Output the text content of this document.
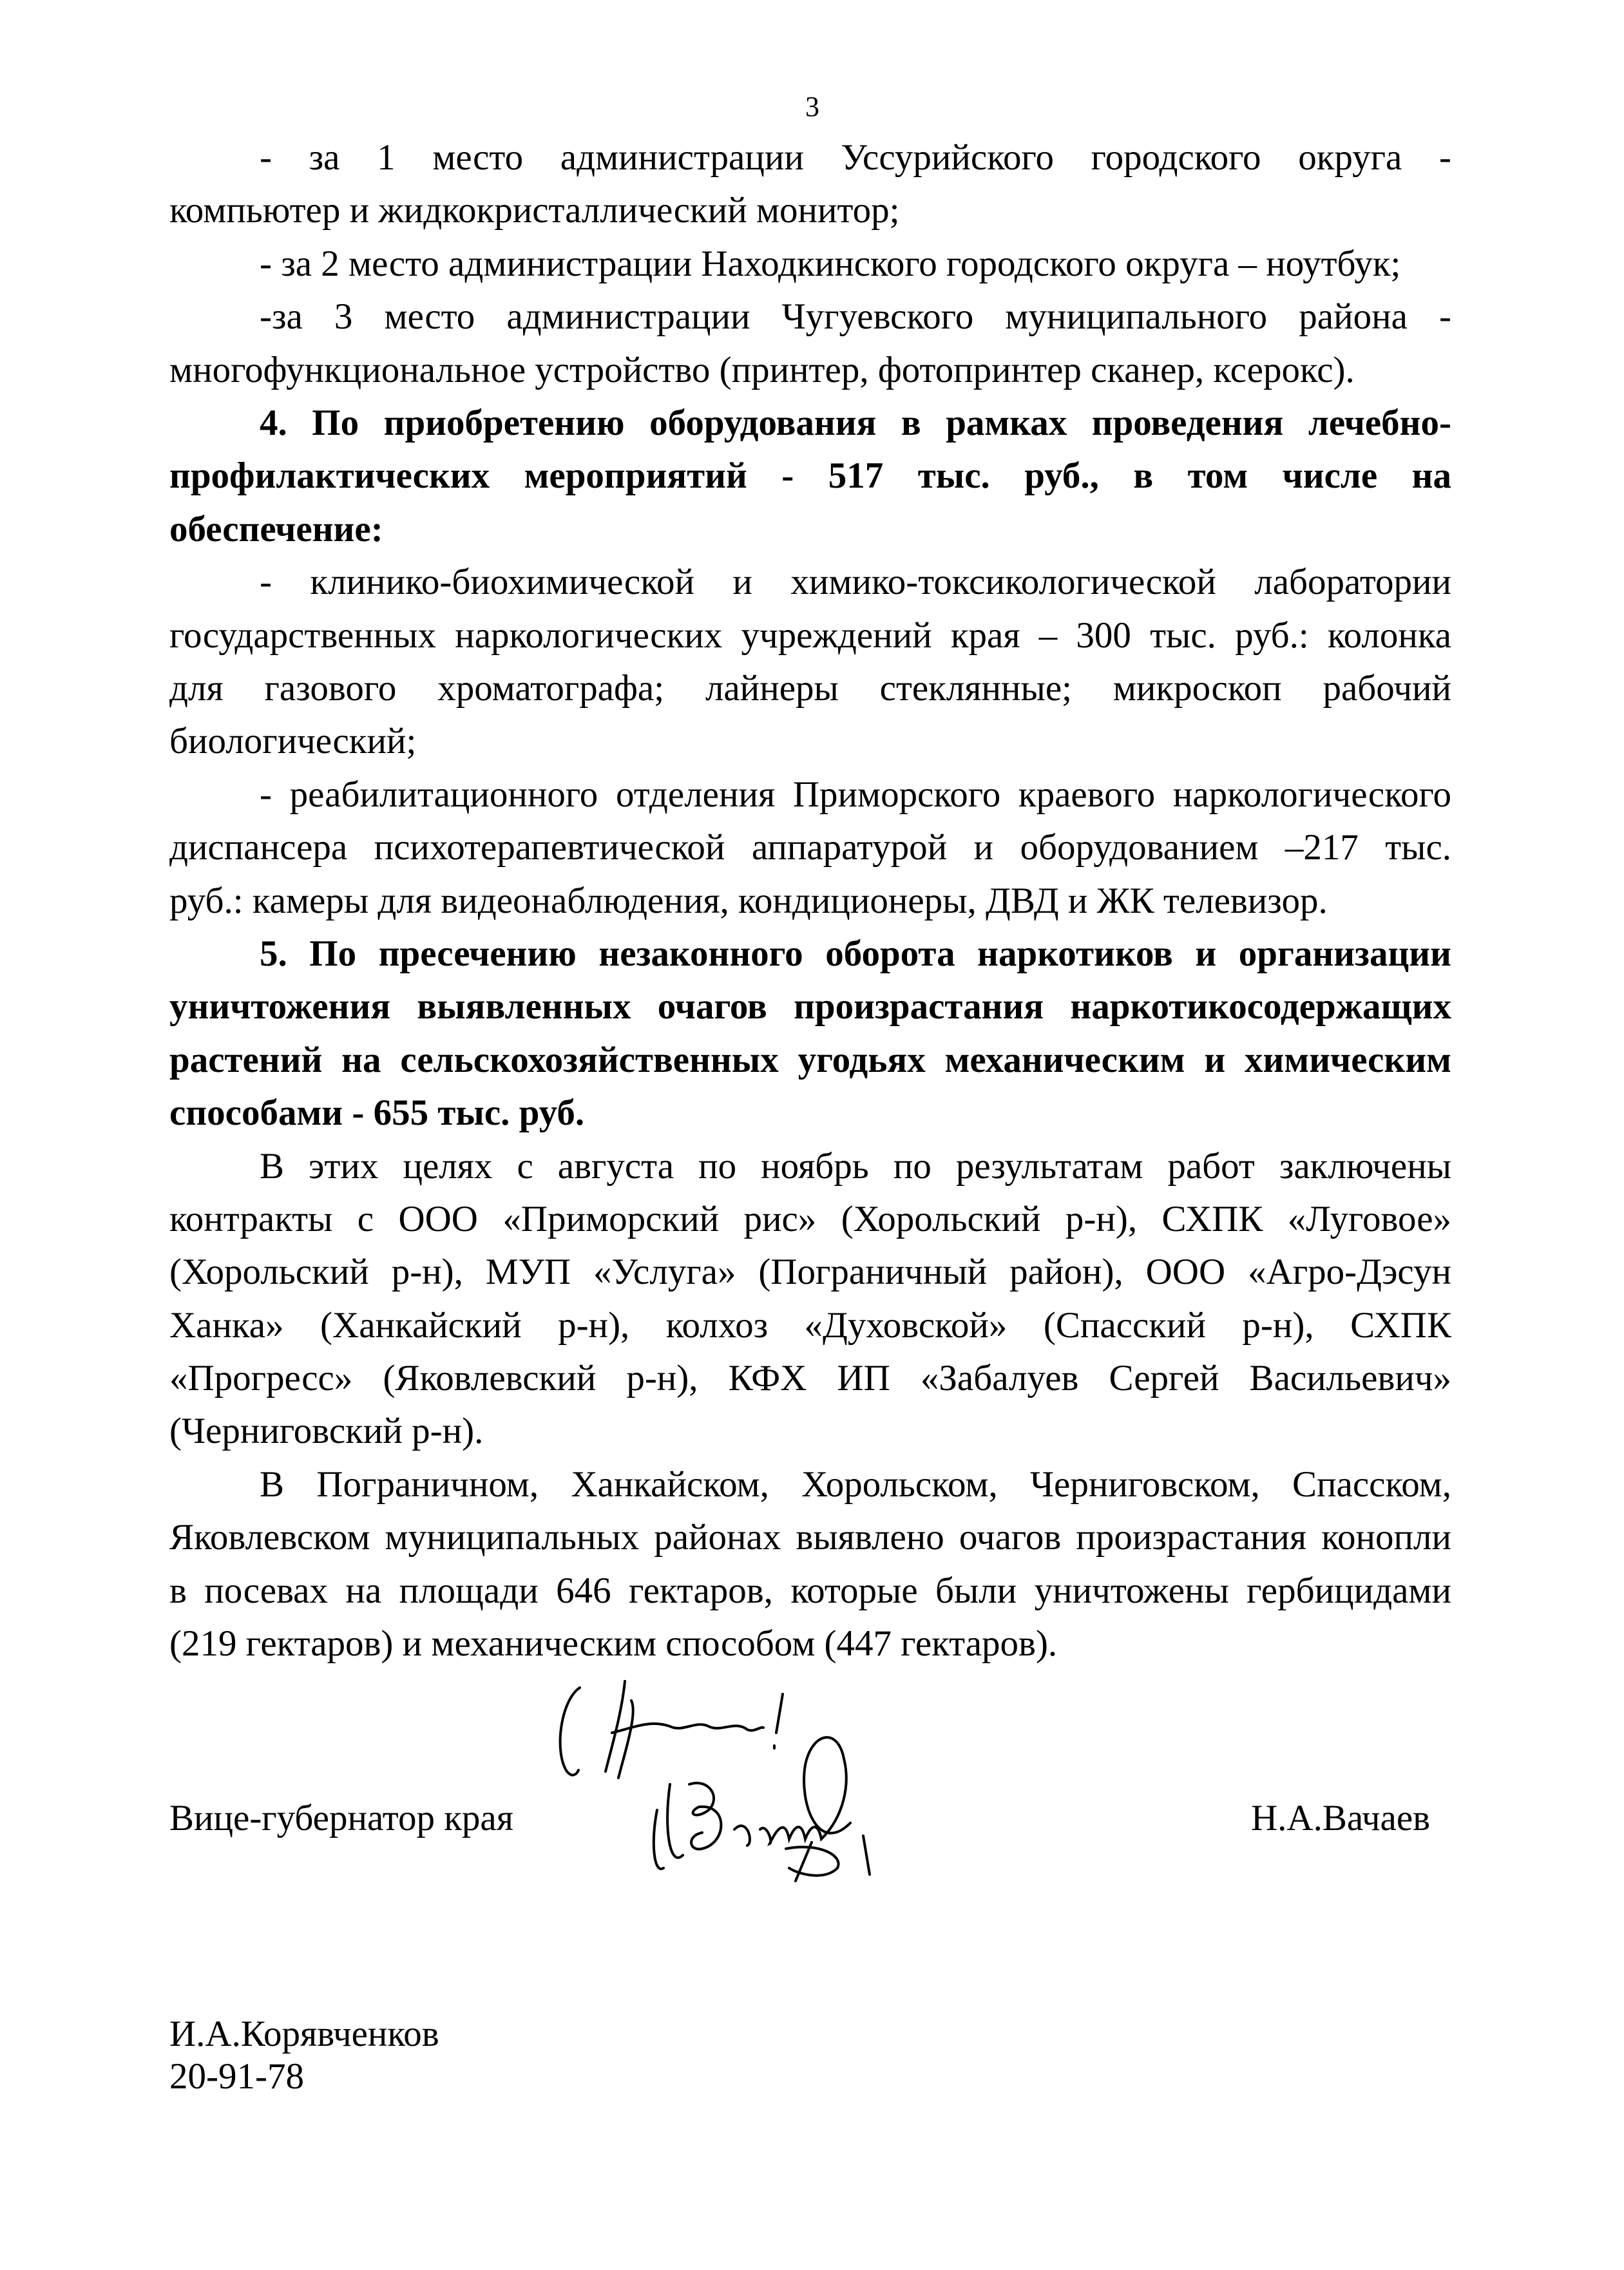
3
- за 1 место администрации Уссурийского городского округа -
компьютер и жидкокристаллический монитор;
- за 2 место администрации Находкинского городского округа – ноутбук;
-за 3 место администрации Чугуевского муниципального района -
многофункциональное устройство (принтер, фотопринтер сканер, ксерокс).
4. По приобретению оборудования в рамках проведения лечебно-
профилактических мероприятий - 517 тыс. руб., в том числе на
обеспечение:
- клинико-биохимической и химико-токсикологической лаборатории
государственных наркологических учреждений края – 300 тыс. руб.: колонка
для газового хроматографа; лайнеры стеклянные; микроскоп рабочий
биологический;
- реабилитационного отделения Приморского краевого наркологического
диспансера психотерапевтической аппаратурой и оборудованием –217 тыс.
руб.: камеры для видеонаблюдения, кондиционеры, ДВД и ЖК телевизор.
5. По пресечению незаконного оборота наркотиков и организации
уничтожения выявленных очагов произрастания наркотикосодержащих
растений на сельскохозяйственных угодьях механическим и химическим
способами - 655 тыс. руб.
В этих целях с августа по ноябрь по результатам работ заключены
контракты с ООО «Приморский рис» (Хорольский р-н), СХПК «Луговое»
(Хорольский р-н), МУП «Услуга» (Пограничный район), ООО «Агро-Дэсун
Ханка» (Ханкайский р-н), колхоз «Духовской» (Спасский р-н), СХПК
«Прогресс» (Яковлевский р-н), КФХ ИП «Забалуев Сергей Васильевич»
(Черниговский р-н).
В Пограничном, Ханкайском, Хорольском, Черниговском, Спасском,
Яковлевском муниципальных районах выявлено очагов произрастания конопли
в посевах на площади 646 гектаров, которые были уничтожены гербицидами
(219 гектаров) и механическим способом (447 гектаров).
Вице-губернатор края	Н.А.Вачаев
И.А.Корявченков
20-91-78
